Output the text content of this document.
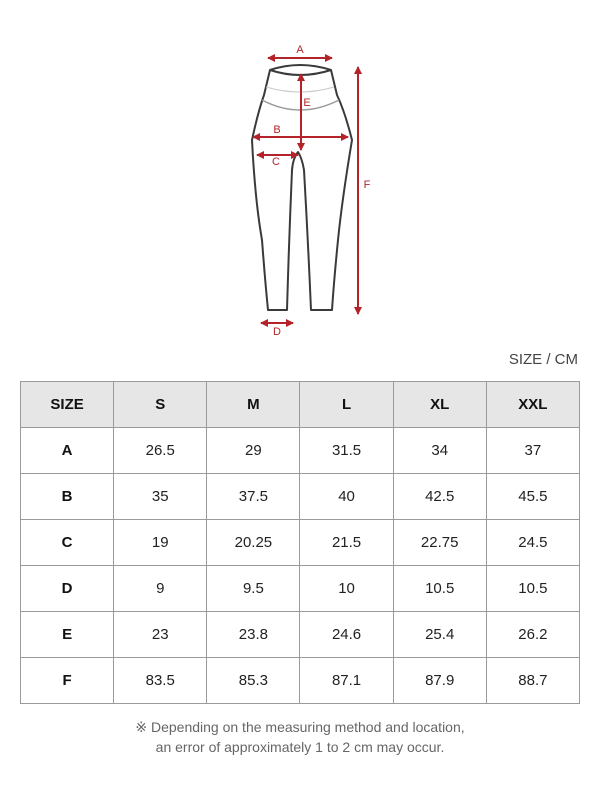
A
E
B
C
F
D
SIZE / CM
SIZE	S	M	L	XL	XXL
A	26.5	29	31.5	34	37
B	35	37.5	40	42.5	45.5
C	19	20.25	21.5	22.75	24.5
D	9	9.5	10	10.5	10.5
E	23	23.8	24.6	25.4	26.2
F	83.5	85.3	87.1	87.9	88.7
※ Depending on the measuring method and location,
an error of approximately 1 to 2 cm may occur.
